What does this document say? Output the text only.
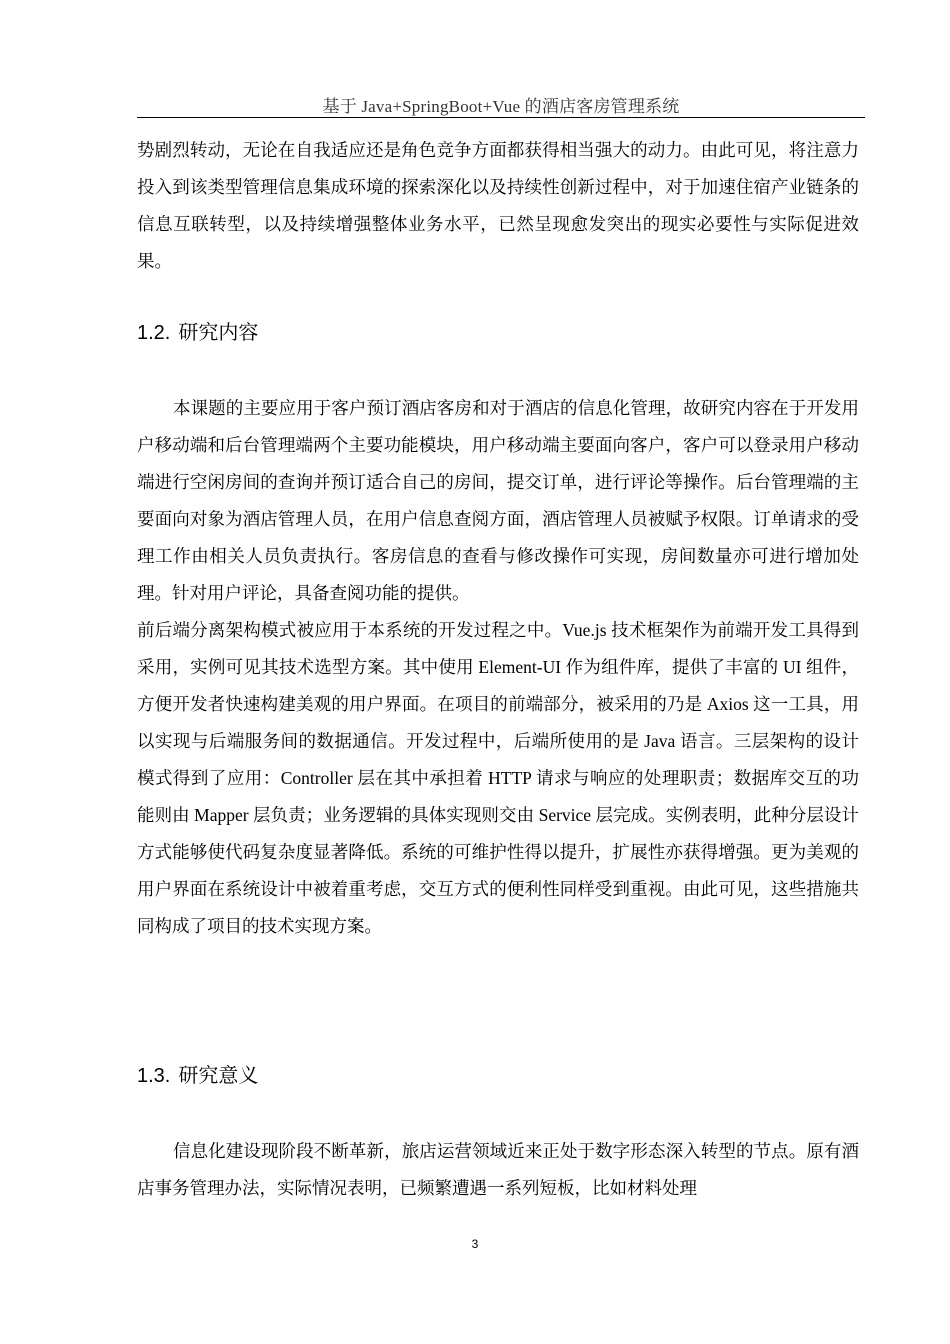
基于 Java+SpringBoot+Vue 的酒店客房管理系统

势剧烈转动，无论在自我适应还是角色竞争方面都获得相当强大的动力。由此可见，将注意力投入到该类型管理信息集成环境的探索深化以及持续性创新过程中，对于加速住宿产业链条的信息互联转型，以及持续增强整体业务水平，已然呈现愈发突出的现实必要性与实际促进效果。

1.2. 研究内容

本课题的主要应用于客户预订酒店客房和对于酒店的信息化管理，故研究内容在于开发用户移动端和后台管理端两个主要功能模块，用户移动端主要面向客户，客户可以登录用户移动端进行空闲房间的查询并预订适合自己的房间，提交订单，进行评论等操作。后台管理端的主要面向对象为酒店管理人员，在用户信息查阅方面，酒店管理人员被赋予权限。订单请求的受理工作由相关人员负责执行。客房信息的查看与修改操作可实现，房间数量亦可进行增加处理。针对用户评论，具备查阅功能的提供。

前后端分离架构模式被应用于本系统的开发过程之中。Vue.js 技术框架作为前端开发工具得到采用，实例可见其技术选型方案。其中使用 Element-UI 作为组件库，提供了丰富的 UI 组件，方便开发者快速构建美观的用户界面。在项目的前端部分，被采用的乃是 Axios 这一工具，用以实现与后端服务间的数据通信。开发过程中，后端所使用的是 Java 语言。三层架构的设计模式得到了应用：Controller 层在其中承担着 HTTP 请求与响应的处理职责；数据库交互的功能则由 Mapper 层负责；业务逻辑的具体实现则交由 Service 层完成。实例表明，此种分层设计方式能够使代码复杂度显著降低。系统的可维护性得以提升，扩展性亦获得增强。更为美观的用户界面在系统设计中被着重考虑，交互方式的便利性同样受到重视。由此可见，这些措施共同构成了项目的技术实现方案。

1.3. 研究意义

信息化建设现阶段不断革新，旅店运营领域近来正处于数字形态深入转型的节点。原有酒店事务管理办法，实际情况表明，已频繁遭遇一系列短板，比如材料处理

3
